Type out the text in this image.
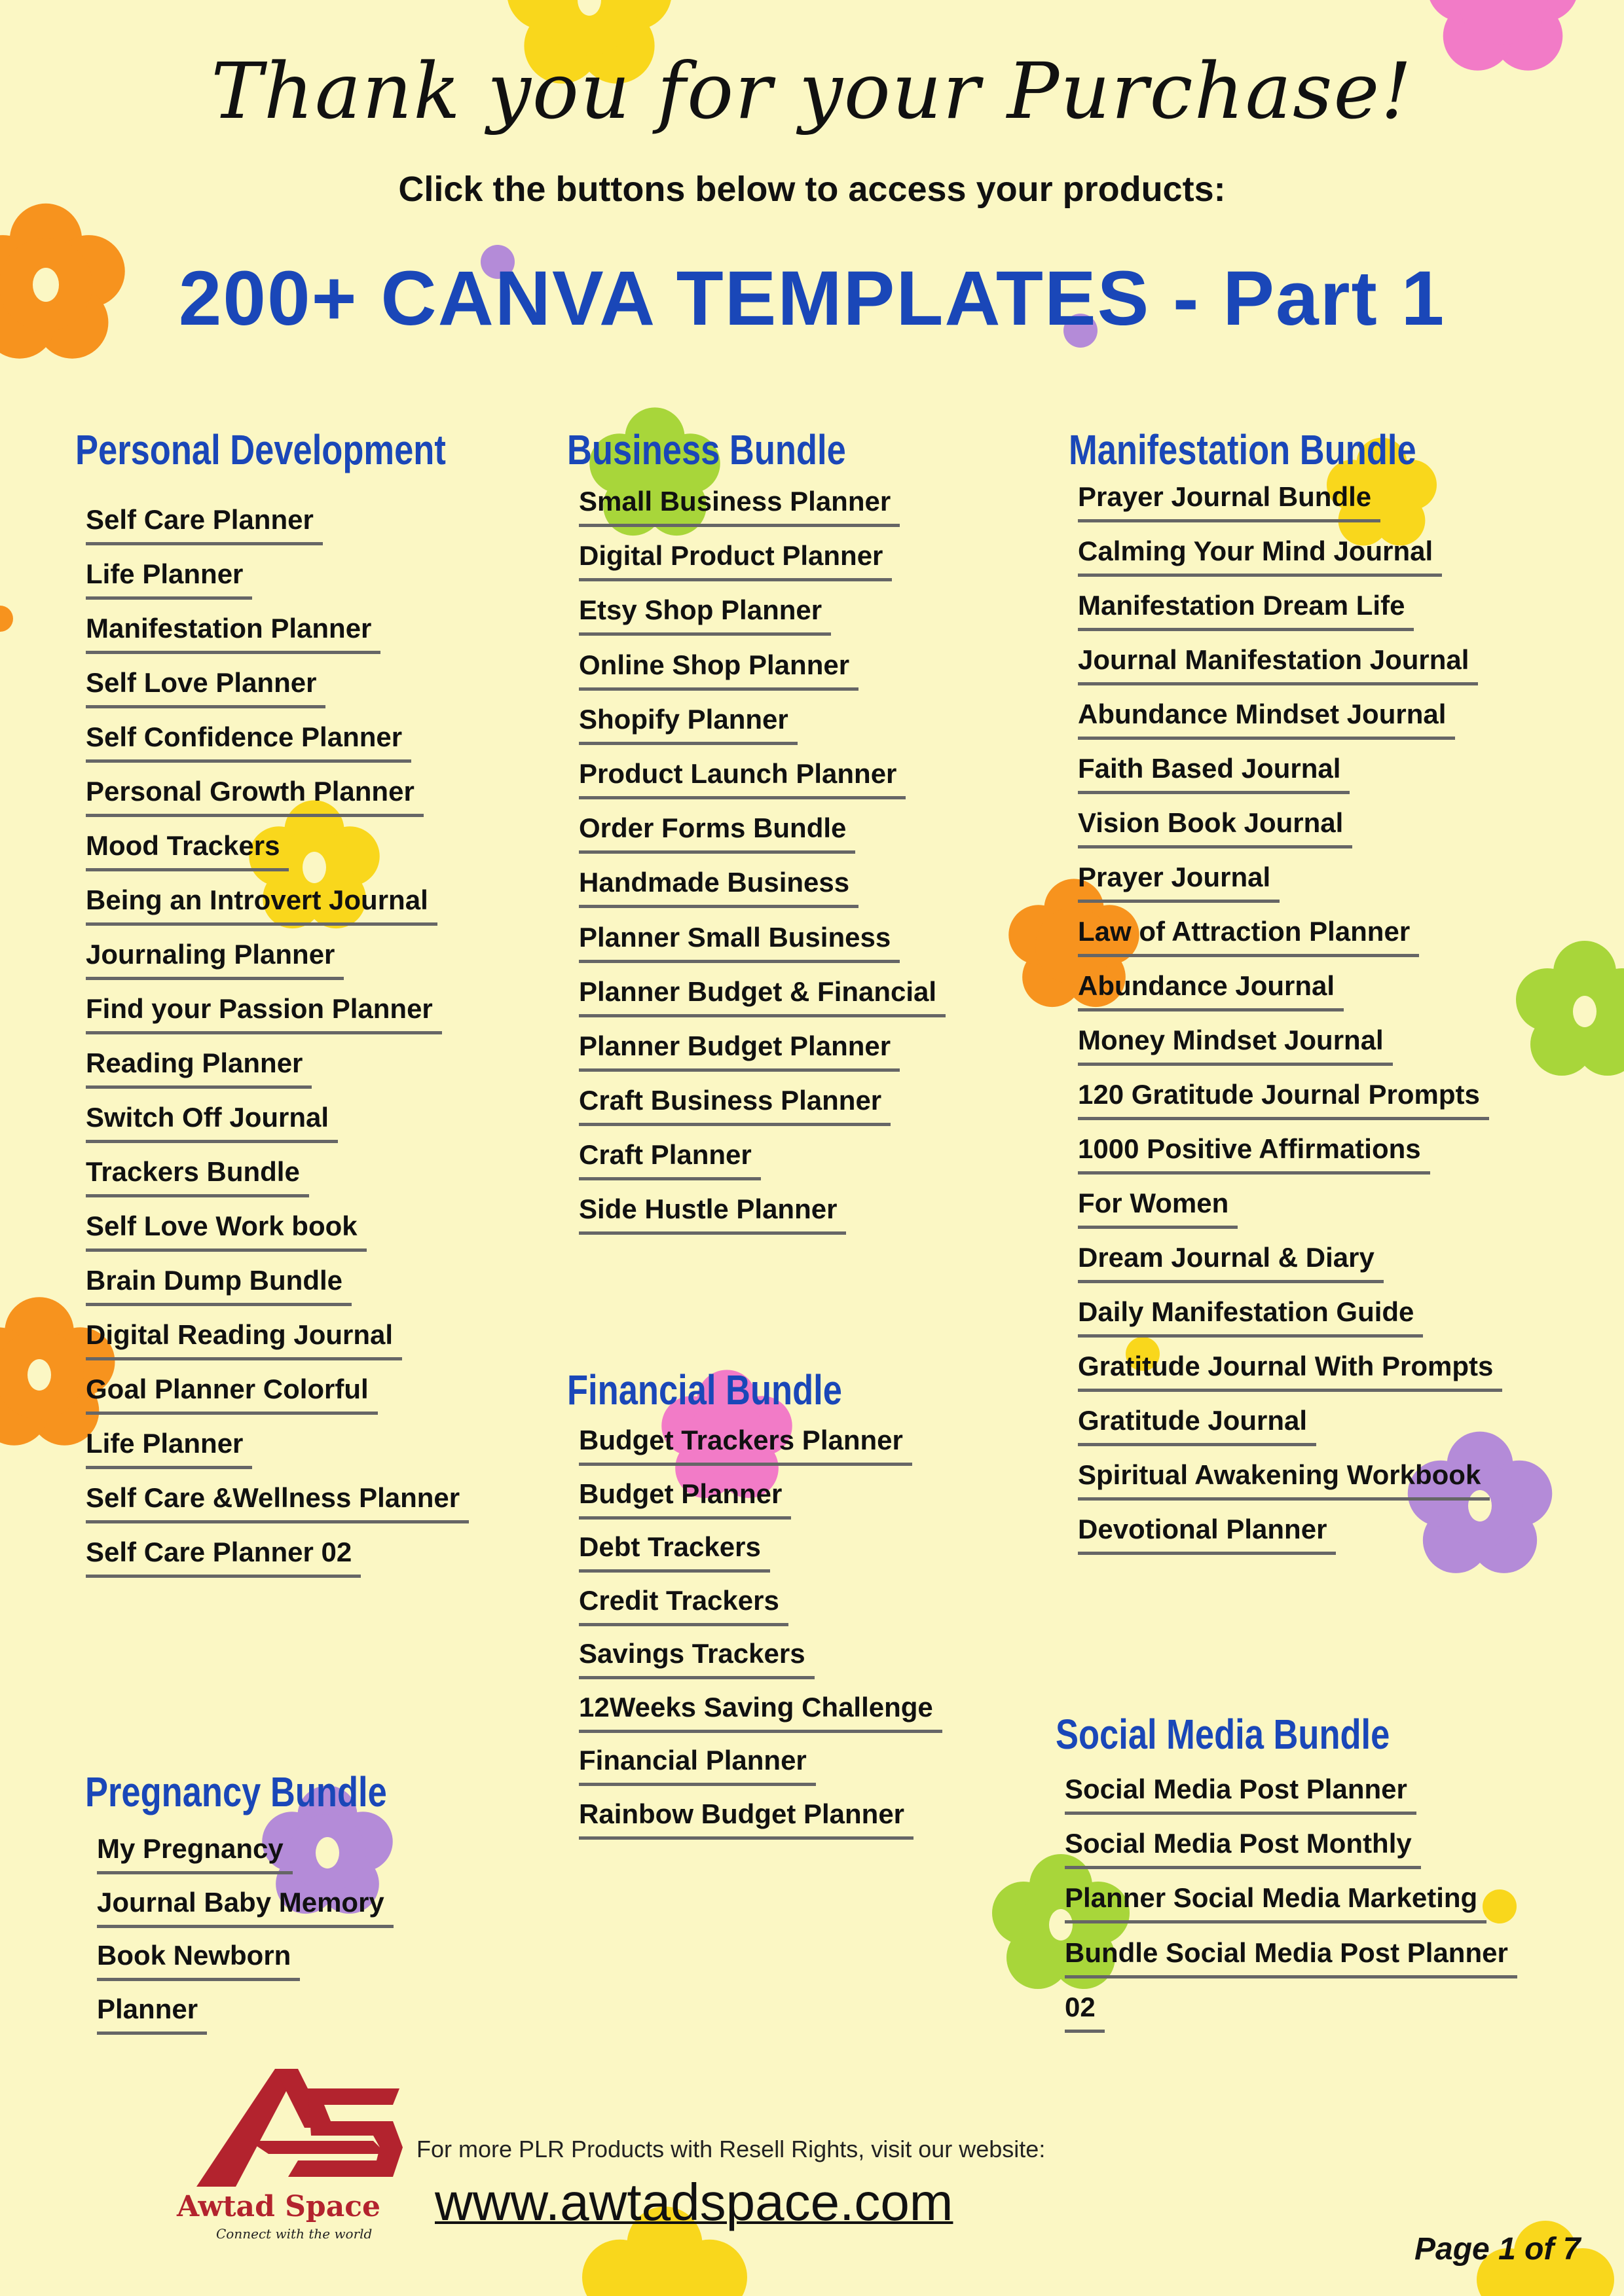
Thank you for your Purchase!
Click the buttons below to access your products:
200+ CANVA TEMPLATES - Part 1
Personal Development
Self Care Planner
Life Planner
Manifestation Planner
Self Love Planner
Self Confidence Planner
Personal Growth Planner
Mood Trackers
Being an Introvert Journal
Journaling Planner
Find your Passion Planner
Reading Planner
Switch Off Journal
Trackers Bundle
Self Love Work book
Brain Dump Bundle
Digital Reading Journal
Goal Planner Colorful
Life Planner
Self Care &Wellness Planner
Self Care Planner 02
Pregnancy Bundle
My Pregnancy
Journal Baby Memory
Book Newborn
Planner
Business Bundle
Small Business Planner
Digital Product Planner
Etsy Shop Planner
Online Shop Planner
Shopify Planner
Product Launch Planner
Order Forms Bundle
Handmade Business
Planner Small Business
Planner Budget & Financial
Planner Budget Planner
Craft Business Planner
Craft Planner
Side Hustle Planner
Financial Bundle
Budget Trackers Planner
Budget Planner
Debt Trackers
Credit Trackers
Savings Trackers
12Weeks Saving Challenge
Financial Planner
Rainbow Budget Planner
Manifestation Bundle
Prayer Journal Bundle
Calming Your Mind Journal
Manifestation Dream Life
Journal Manifestation Journal
Abundance Mindset Journal
Faith Based Journal
Vision Book Journal
Prayer Journal
Law of Attraction Planner
Abundance Journal
Money Mindset Journal
120 Gratitude Journal Prompts
1000 Positive Affirmations
For Women
Dream Journal & Diary
Daily Manifestation Guide
Gratitude Journal With Prompts
Gratitude Journal
Spiritual Awakening Workbook
Devotional Planner
Social Media Bundle
Social Media Post Planner
Social Media Post Monthly
Planner Social Media Marketing
Bundle Social Media Post Planner
02
Awtad Space
Connect with the world
For more PLR Products with Resell Rights, visit our website:
www.awtadspace.com
Page 1 of 7
